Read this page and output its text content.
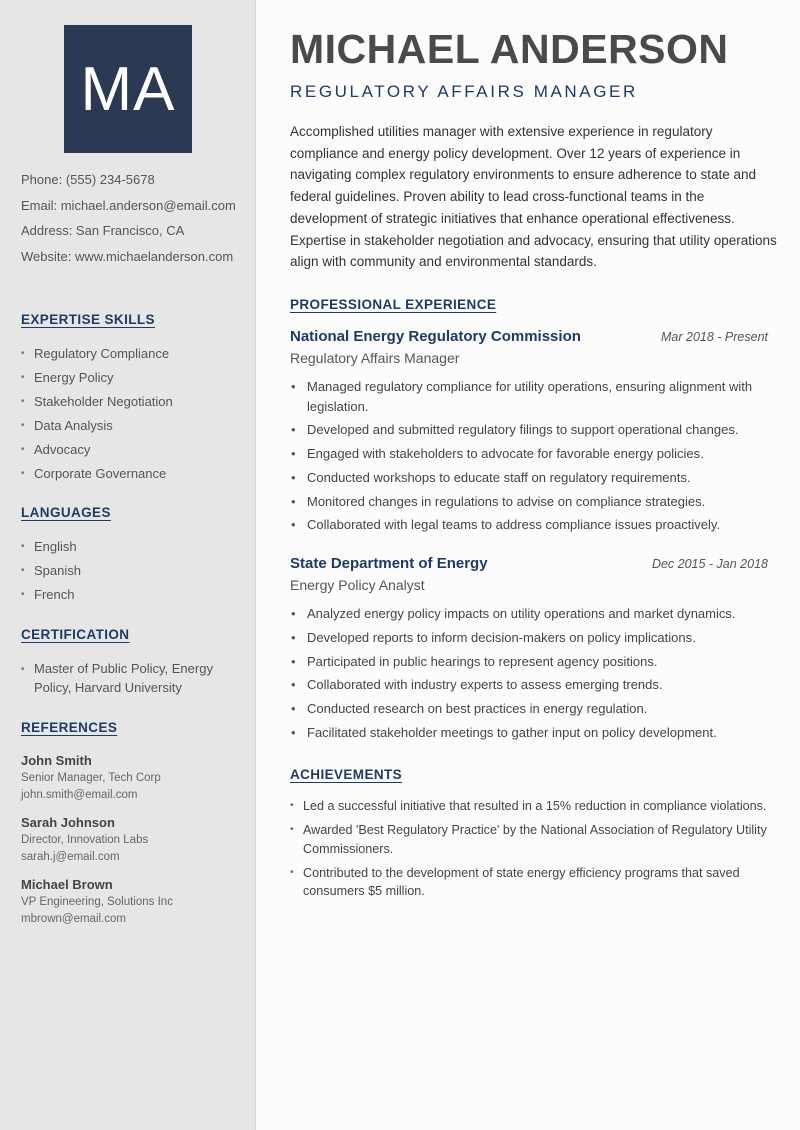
MA
Phone: (555) 234-5678
Email: michael.anderson@email.com
Address: San Francisco, CA
Website: www.michaelanderson.com
EXPERTISE SKILLS
• Regulatory Compliance
• Energy Policy
• Stakeholder Negotiation
• Data Analysis
• Advocacy
• Corporate Governance
LANGUAGES
• English
• Spanish
• French
CERTIFICATION
• Master of Public Policy, Energy Policy, Harvard University
REFERENCES
John Smith
Senior Manager, Tech Corp
john.smith@email.com
Sarah Johnson
Director, Innovation Labs
sarah.j@email.com
Michael Brown
VP Engineering, Solutions Inc
mbrown@email.com
MICHAEL ANDERSON
REGULATORY AFFAIRS MANAGER

Accomplished utilities manager with extensive experience in regulatory compliance and energy policy development. Over 12 years of experience in navigating complex regulatory environments to ensure adherence to state and federal guidelines. Proven ability to lead cross-functional teams in the development of strategic initiatives that enhance operational effectiveness. Expertise in stakeholder negotiation and advocacy, ensuring that utility operations align with community and environmental standards.

PROFESSIONAL EXPERIENCE
National Energy Regulatory Commission	Mar 2018 - Present
Regulatory Affairs Manager
• Managed regulatory compliance for utility operations, ensuring alignment with legislation.
• Developed and submitted regulatory filings to support operational changes.
• Engaged with stakeholders to advocate for favorable energy policies.
• Conducted workshops to educate staff on regulatory requirements.
• Monitored changes in regulations to advise on compliance strategies.
• Collaborated with legal teams to address compliance issues proactively.
State Department of Energy	Dec 2015 - Jan 2018
Energy Policy Analyst
• Analyzed energy policy impacts on utility operations and market dynamics.
• Developed reports to inform decision-makers on policy implications.
• Participated in public hearings to represent agency positions.
• Collaborated with industry experts to assess emerging trends.
• Conducted research on best practices in energy regulation.
• Facilitated stakeholder meetings to gather input on policy development.
ACHIEVEMENTS
• Led a successful initiative that resulted in a 15% reduction in compliance violations.
• Awarded 'Best Regulatory Practice' by the National Association of Regulatory Utility Commissioners.
• Contributed to the development of state energy efficiency programs that saved consumers $5 million.
